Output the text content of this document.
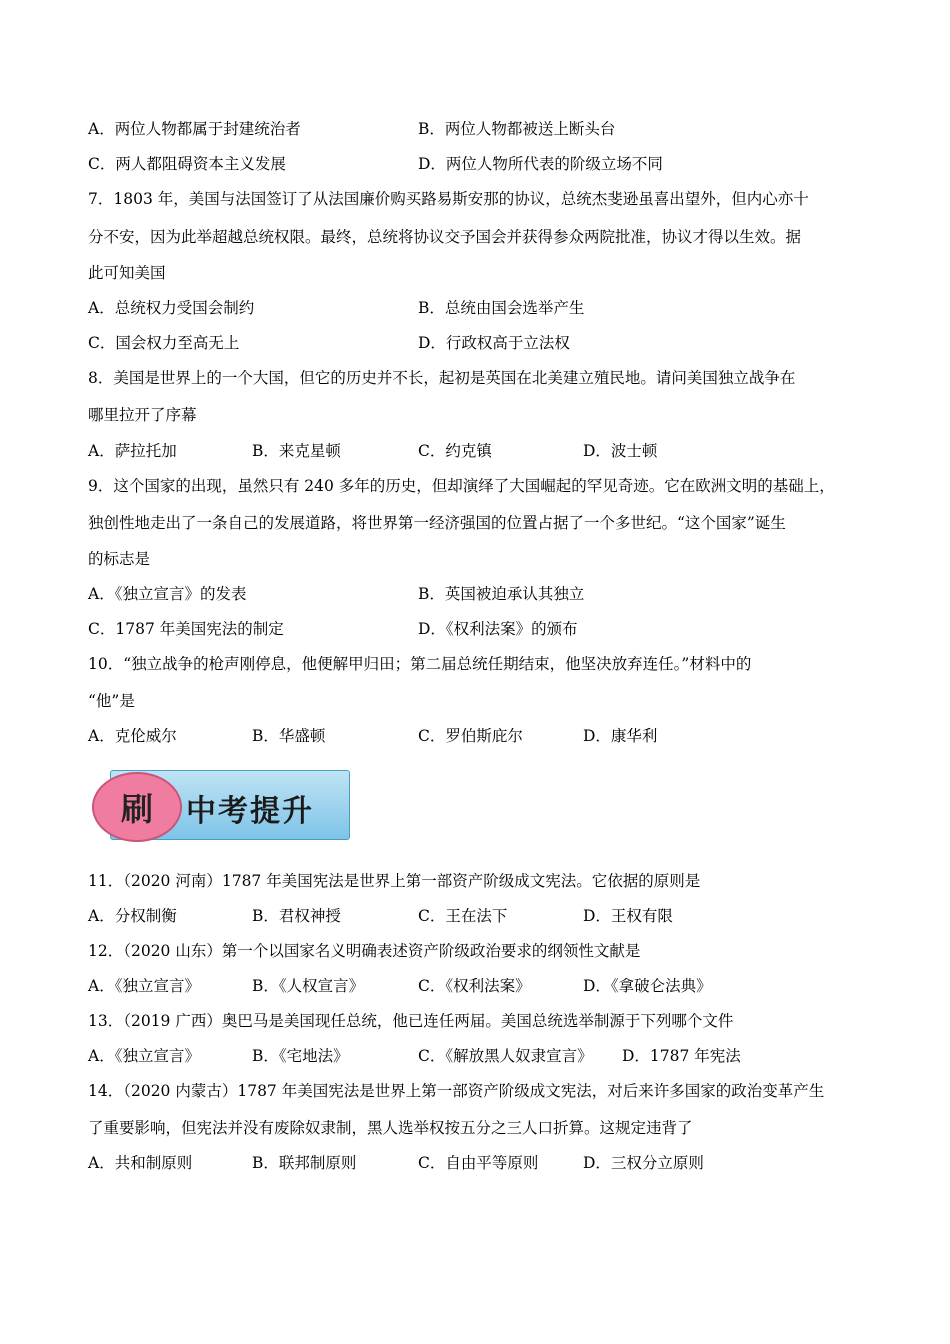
A．两位人物都属于封建统治者	B．两位人物都被送上断头台
C．两人都阻碍资本主义发展	D．两位人物所代表的阶级立场不同
7．1803 年，美国与法国签订了从法国廉价购买路易斯安那的协议，总统杰斐逊虽喜出望外，但内心亦十
分不安，因为此举超越总统权限。最终，总统将协议交予国会并获得参众两院批准，协议才得以生效。据
此可知美国
A．总统权力受国会制约	B．总统由国会选举产生
C．国会权力至高无上	D．行政权高于立法权
8．美国是世界上的一个大国，但它的历史并不长，起初是英国在北美建立殖民地。请问美国独立战争在
哪里拉开了序幕
A．萨拉托加	B．来克星顿	C．约克镇	D．波士顿
9．这个国家的出现，虽然只有 240 多年的历史，但却演绎了大国崛起的罕见奇迹。它在欧洲文明的基础上，
独创性地走出了一条自己的发展道路，将世界第一经济强国的位置占据了一个多世纪。“这个国家”诞生
的标志是
A．《独立宣言》的发表	B．英国被迫承认其独立
C．1787 年美国宪法的制定	D．《权利法案》的颁布
10．“独立战争的枪声刚停息，他便解甲归田；第二届总统任期结束，他坚决放弃连任。”材料中的
“他”是
A．克伦威尔	B．华盛顿	C．罗伯斯庇尔	D．康华利
刷	中考提升
11．（2020 河南）1787 年美国宪法是世界上第一部资产阶级成文宪法。它依据的原则是
A．分权制衡	B．君权神授	C．王在法下	D．王权有限
12．（2020 山东）第一个以国家名义明确表述资产阶级政治要求的纲领性文献是
A．《独立宣言》	B．《人权宣言》	C．《权利法案》	D．《拿破仑法典》
13．（2019 广西）奥巴马是美国现任总统，他已连任两届。美国总统选举制源于下列哪个文件
A．《独立宣言》	B．《宅地法》	C．《解放黑人奴隶宣言》 D．1787 年宪法
14．（2020 内蒙古）1787 年美国宪法是世界上第一部资产阶级成文宪法，对后来许多国家的政治变革产生
了重要影响，但宪法并没有废除奴隶制，黑人选举权按五分之三人口折算。这规定违背了
A．共和制原则	B．联邦制原则	C．自由平等原则	D．三权分立原则
